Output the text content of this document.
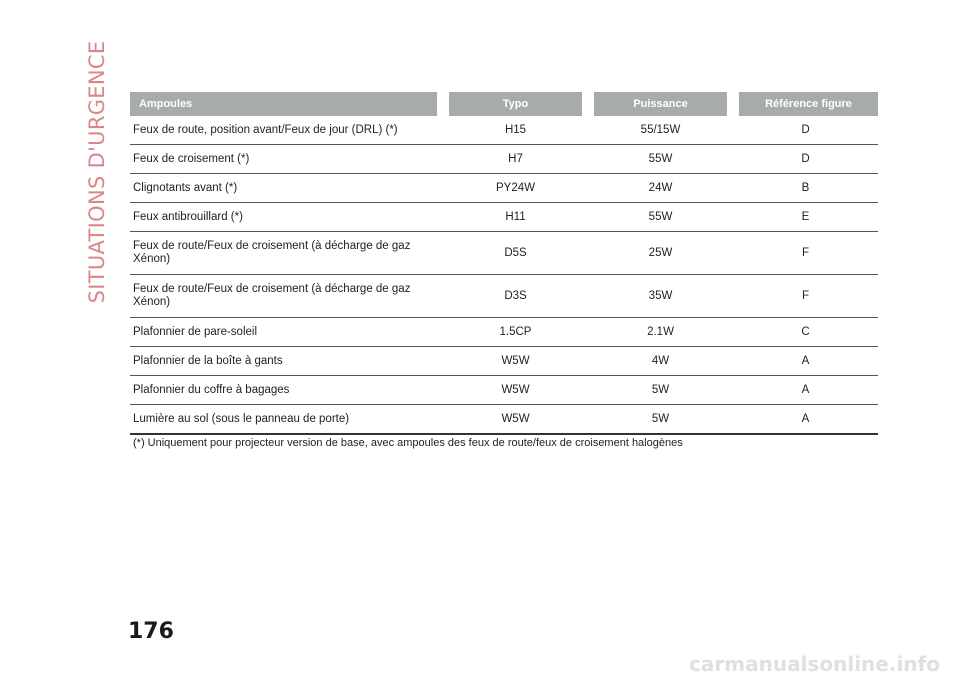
SITUATIONS D'URGENCE	Ampoules	Typo	Puissance	Référence figure
Feux de route, position avant/Feux de jour (DRL) (*)	H15	55/15W	D
Feux de croisement (*)	H7	55W	D
Clignotants avant (*)	PY24W	24W	B
Feux antibrouillard (*)	H11	55W	E
Feux de route/Feux de croisement (à décharge de gaz Xénon)	D5S	25W	F
Feux de route/Feux de croisement (à décharge de gaz Xénon)	D3S	35W	F
Plafonnier de pare-soleil	1.5CP	2.1W	C
Plafonnier de la boîte à gants	W5W	4W	A
Plafonnier du coffre à bagages	W5W	5W	A
Lumière au sol (sous le panneau de porte)	W5W	5W	A
(*) Uniquement pour projecteur version de base, avec ampoules des feux de route/feux de croisement halogènes
176
carmanualsonline.info
